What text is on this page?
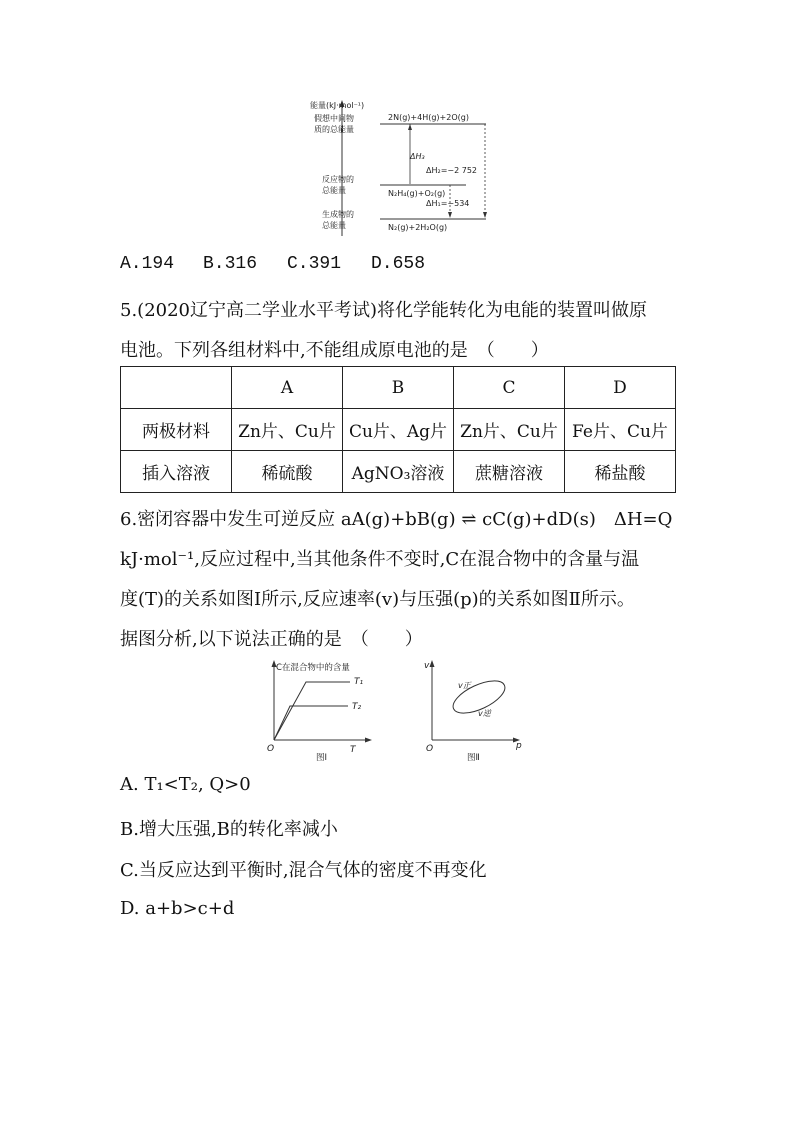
能量(kJ·mol⁻¹)
假想中间物
质的总能量
2N(g)+4H(g)+2O(g)
ΔH₃
ΔH₂=−2 752
反应物的
总能量	N₂H₄(g)+O₂(g)
ΔH₁=−534
生成物的
总能量	N₂(g)+2H₂O(g)
A.194 B.316 C.391 D.658
5.(2020辽宁高二学业水平考试)将化学能转化为电能的装置叫做原
电池。下列各组材料中,不能组成原电池的是　（　　）
	A	B	C	D
两极材料	Zn片、Cu片	Cu片、Ag片	Zn片、Cu片	Fe片、Cu片
插入溶液	稀硫酸	AgNO₃溶液	蔗糖溶液	稀盐酸
6.密闭容器中发生可逆反应 aA(g)+bB(g) ⇌ cC(g)+dD(s)　ΔH=Q
kJ·mol⁻¹,反应过程中,当其他条件不变时,C在混合物中的含量与温
度(T)的关系如图Ⅰ所示,反应速率(v)与压强(p)的关系如图Ⅱ所示。
据图分析,以下说法正确的是　（　　）
C在混合物中的含量
T₁
T₂
O	T
图Ⅰ
v
v正
v逆
O	p
图Ⅱ
A. T₁<T₂, Q>0
B.增大压强,B的转化率减小
C.当反应达到平衡时,混合气体的密度不再变化
D. a+b>c+d
